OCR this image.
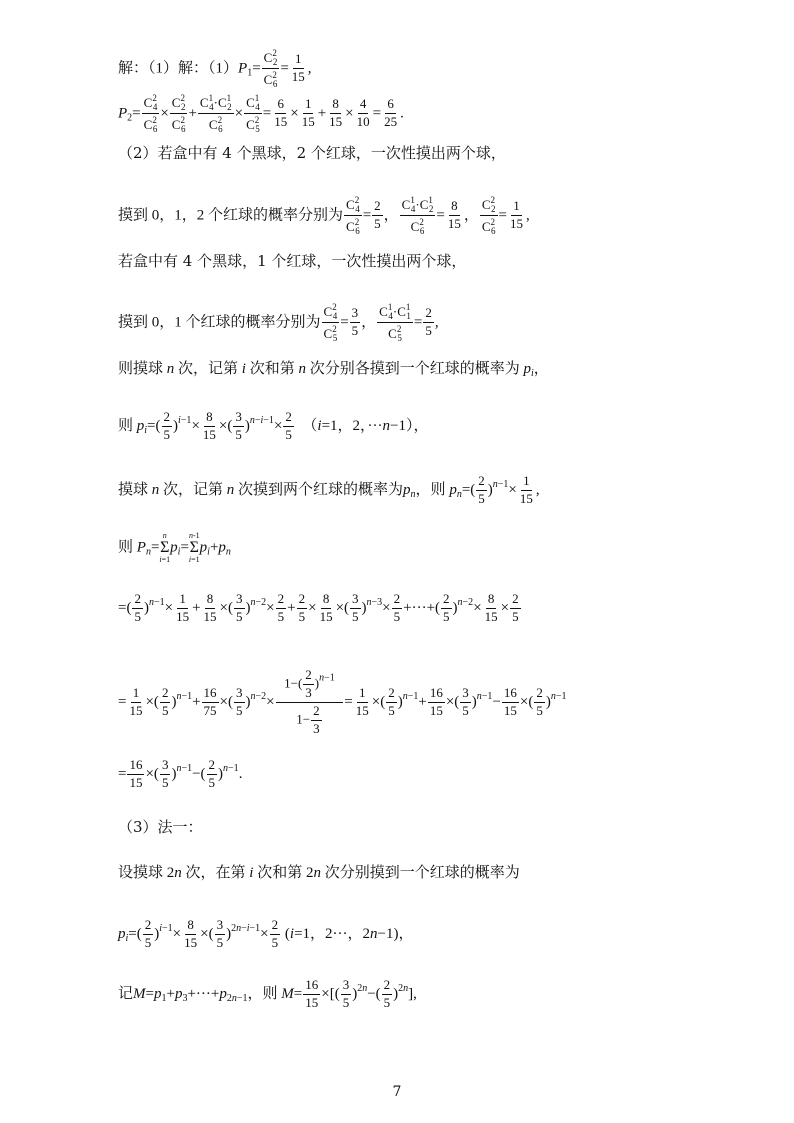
解：（1）解：$(1)P_1= \frac{C^2_2}{C^2_6} = \frac{1}{15}$ ,
$P_2= \frac{C^2_4}{C^2_6} \times \frac{C^2_2}{C^2_6} + \frac{C^1_4\cdot C^1_2}{C^2_6} \times \frac{C^1_4}{C^2_5} = \frac{6}{15} \times \frac{1}{15} + \frac{8}{15} \times \frac{4}{10} = \frac{6}{25}$ .
（2）若盒中有 4 个黑球，2 个红球，一次性摸出两个球，
摸到 0，1，2 个红球的概率分别为 $\frac{C^2_4}{C^2_6} = \frac{2}{5}$ ， $\frac{C^1_4\cdot C^1_2}{C^2_6} = \frac{8}{15}$ ， $\frac{C^2_2}{C^2_6} = \frac{1}{15}$ ,
若盒中有 4 个黑球，1 个红球，一次性摸出两个球，
摸到 0，1 个红球的概率分别为 $\frac{C^2_4}{C^2_5} = \frac{3}{5}$ ， $\frac{C^1_4\cdot C^1_1}{C^2_5} = \frac{2}{5}$ ,
则摸球 n 次，记第 i 次和第 n 次分别各摸到一个红球的概率为 $p_i$，
则 $p_i=( \frac{2}{5} )^{i-1}\times \frac{8}{15}$ ×( $\frac{3}{5} )^{n-i-1}\times \frac{2}{5} (i=1$，2，···n−1），
摸球 n 次，记第 n 次摸到两个红球的概率为$p_n$，则 $p_n=( \frac{2}{5} )^{n-1}\times \frac{1}{15}$ ,
则 $P_n=$
n
Σ
i=1
$p_i=$
n-1
Σ
i=1
$p_i+p_n$
=( $\frac{2}{5} )^{n-1}\times \frac{1}{15} + \frac{8}{15}$ ×( $\frac{3}{5} )^{n-2}\times \frac{2}{5} + \frac{2}{5} \times \frac{8}{15}$ ×( $\frac{3}{5} )^{n-3}\times \frac{2}{5}$ +···+( $\frac{2}{5} )^{n-2}\times \frac{8}{15} \times \frac{2}{5}$
= $\frac{1}{15}$ ×( $\frac{2}{5} )^{n-1}+ \frac{16}{75}$ ×( $\frac{3}{5} )^{n-2}\times \frac{1-( \frac{2}{3} )^{n-1}}{1- \frac{2}{3}} = \frac{1}{15}$ ×( $\frac{2}{5} )^{n-1}+ \frac{16}{15}$ ×( $\frac{3}{5} )^{n-1}- \frac{16}{15}$ ×( $\frac{2}{5} )^{n-1}$
= $\frac{16}{15}$ ×( $\frac{3}{5} )^{n-1}-( \frac{2}{5} )^{n-1}$.
（3）法一：
设摸球 2n 次，在第 i 次和第 2n 次分别摸到一个红球的概率为
$p_i=( \frac{2}{5} )^{i-1}\times \frac{8}{15}$ ×( $\frac{3}{5} )^{2n-i-1}\times \frac{2}{5} (i=1$，2···，2n−1)，
记$M=p_1+p_3+\cdot\cdot\cdot+p_{2n-1}$，则 $M= \frac{16}{15}$ ×[( $\frac{3}{5} )^{2n}-( \frac{2}{5} )^{2n}$],
7
